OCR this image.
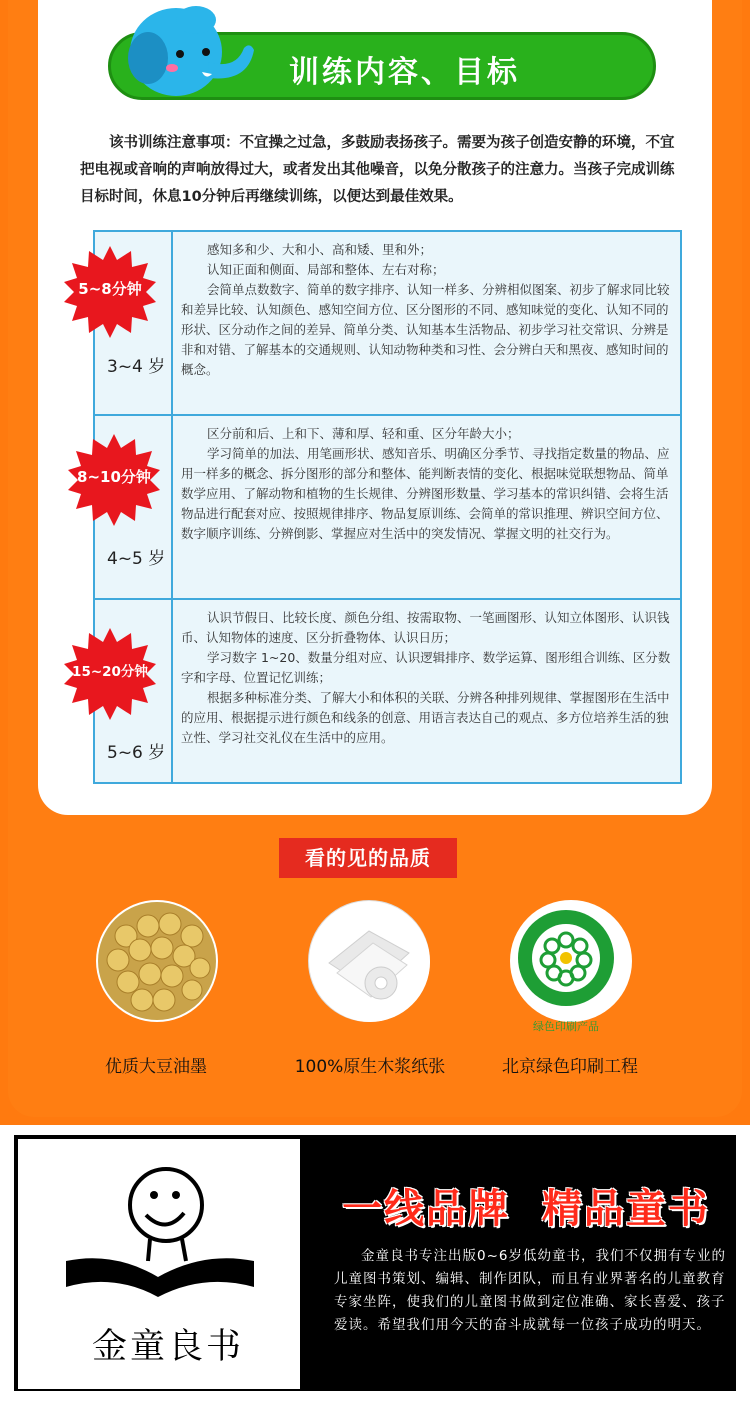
训练内容、目标
该书训练注意事项：不宜操之过急，多鼓励表扬孩子。需要为孩子创造安静的环境，不宜把电视或音响的声响放得过大，或者发出其他噪音，以免分散孩子的注意力。当孩子完成训练目标时间，休息10分钟后再继续训练，以便达到最佳效果。
3~4 岁

感知多和少、大和小、高和矮、里和外；

认知正面和侧面、局部和整体、左右对称；

会简单点数数字、简单的数字排序、认知一样多、分辨相似图案、初步了解求同比较和差异比较、认知颜色、感知空间方位、区分图形的不同、感知味觉的变化、认知不同的形状、区分动作之间的差异、简单分类、认知基本生活物品、初步学习社交常识、分辨是非和对错、了解基本的交通规则、认知动物种类和习性、会分辨白天和黑夜、感知时间的概念。

4~5 岁

区分前和后、上和下、薄和厚、轻和重、区分年龄大小；

学习简单的加法、用笔画形状、感知音乐、明确区分季节、寻找指定数量的物品、应用一样多的概念、拆分图形的部分和整体、能判断表情的变化、根据味觉联想物品、简单数学应用、了解动物和植物的生长规律、分辨图形数量、学习基本的常识纠错、会将生活物品进行配套对应、按照规律排序、物品复原训练、会简单的常识推理、辨识空间方位、数字顺序训练、分辨倒影、掌握应对生活中的突发情况、掌握文明的社交行为。

5~6 岁

认识节假日、比较长度、颜色分组、按需取物、一笔画图形、认知立体图形、认识钱币、认知物体的速度、区分折叠物体、认识日历；

学习数字 1~20、数量分组对应、认识逻辑排序、数学运算、图形组合训练、区分数字和字母、位置记忆训练；

根据多种标准分类、了解大小和体积的关联、分辨各种排列规律、掌握图形在生活中的应用、根据提示进行颜色和线条的创意、用语言表达自己的观点、多方位培养生活的独立性、学习社交礼仪在生活中的应用。

5~8分钟
8~10分钟
15~20分钟
看的见的品质
优质大豆油墨	100%原生木浆纸张
绿色印刷产品
北京绿色印刷工程
金童良书
一线品牌  精品童书
金童良书专注出版0~6岁低幼童书，我们不仅拥有专业的儿童图书策划、编辑、制作团队，而且有业界著名的儿童教育专家坐阵，使我们的儿童图书做到定位准确、家长喜爱、孩子爱读。希望我们用今天的奋斗成就每一位孩子成功的明天。
